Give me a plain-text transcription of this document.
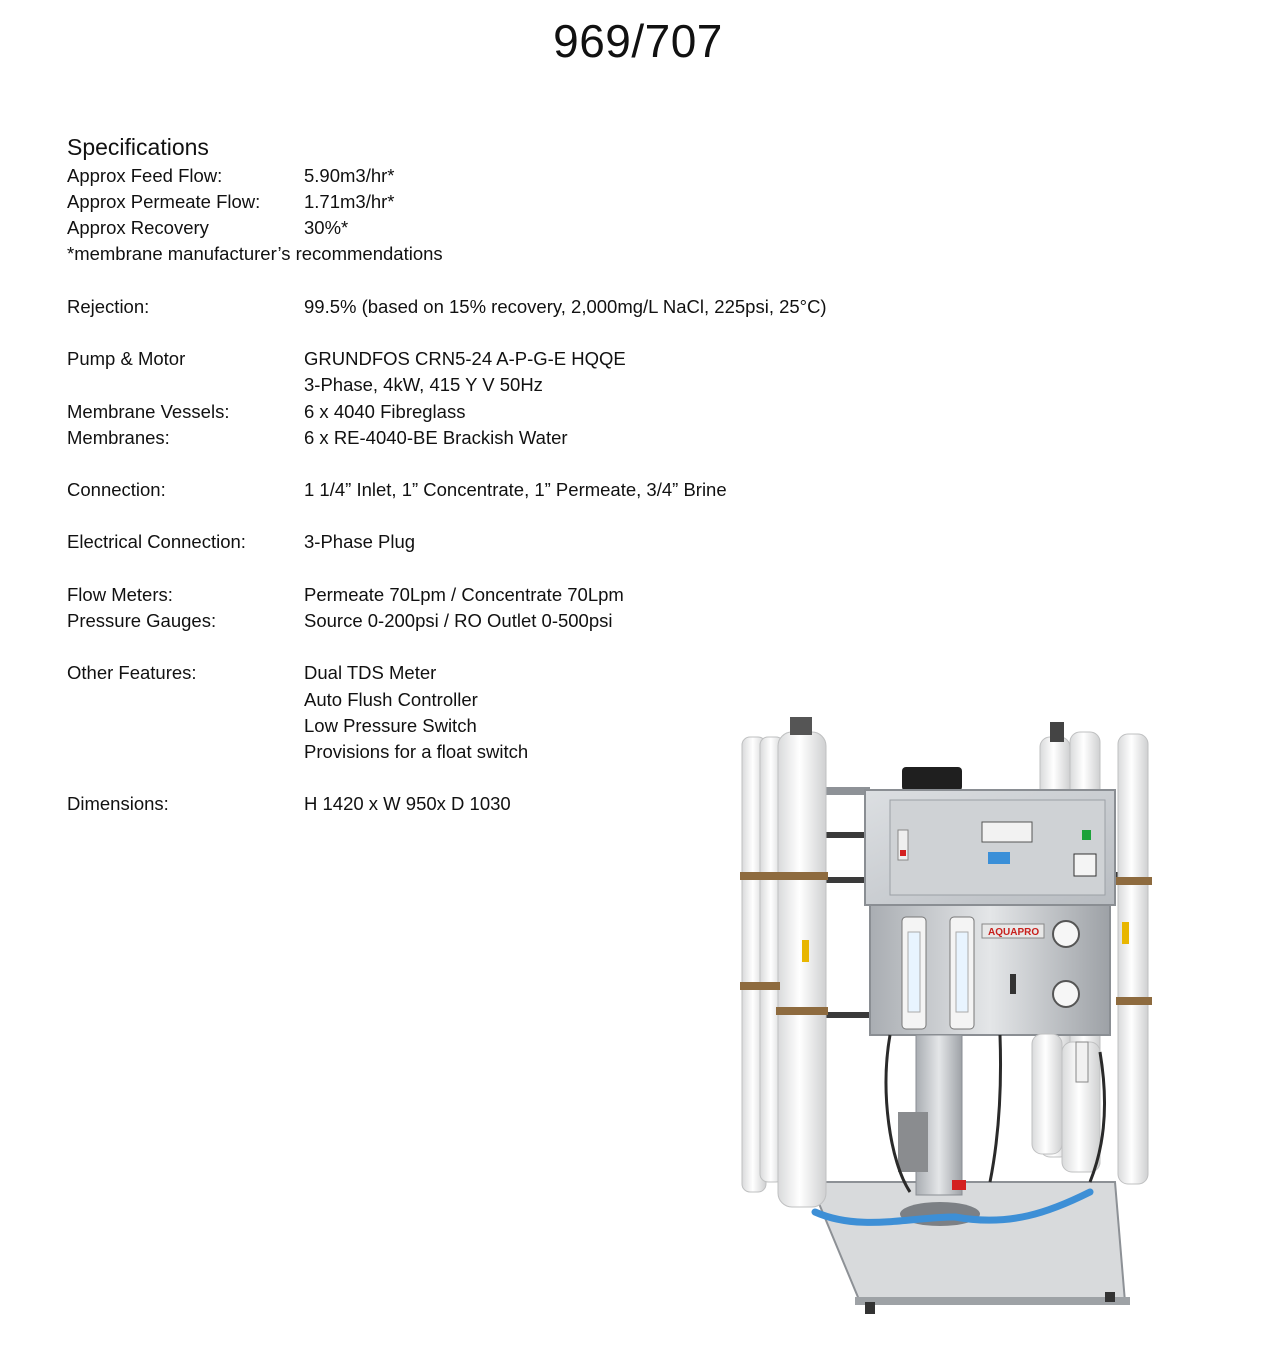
969/707
Specifications
Approx Feed Flow:	5.90m3/hr*
Approx Permeate Flow: 1.71m3/hr*
Approx Recovery	30%*
*membrane manufacturer’s recommendations
Rejection:	99.5% (based on 15% recovery, 2,000mg/L NaCl, 225psi, 25°C)
Pump & Motor	GRUNDFOS CRN5-24 A-P-G-E HQQE
3-Phase, 4kW, 415 Y V 50Hz
Membrane Vessels:	6 x 4040 Fibreglass
Membranes:	6 x RE-4040-BE Brackish Water
Connection:	1 1/4” Inlet, 1” Concentrate, 1” Permeate, 3/4” Brine
Electrical Connection:	3-Phase Plug
Flow Meters:	Permeate 70Lpm / Concentrate 70Lpm
Pressure Gauges:	Source 0-200psi / RO Outlet 0-500psi
Other Features:	Dual TDS Meter
Auto Flush Controller
Low Pressure Switch
Provisions for a float switch
Dimensions:	H 1420 x W 950x D 1030
AQUAPRO
